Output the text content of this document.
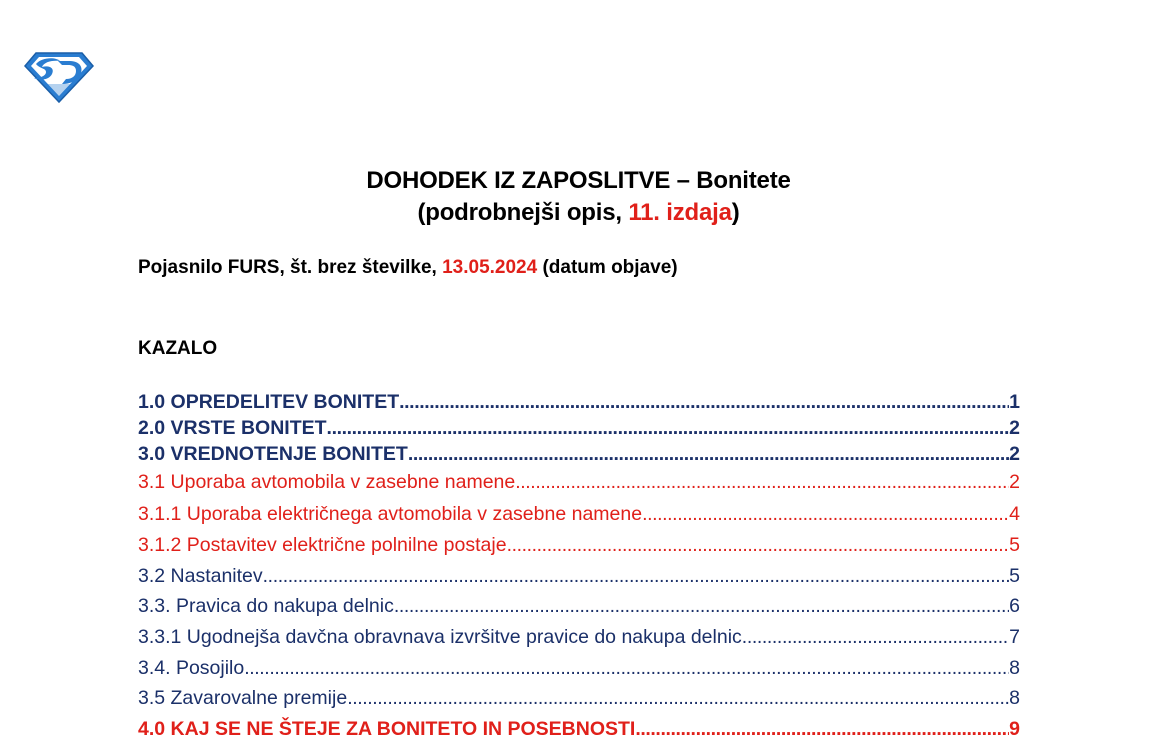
DOHODEK IZ ZAPOSLITVE – Bonitete
(podrobnejši opis, 11. izdaja)
Pojasnilo FURS, št. brez številke, 13.05.2024 (datum objave)
KAZALO
1.0 OPREDELITEV BONITET .....	1
2.0 VRSTE BONITET .....	2
3.0 VREDNOTENJE BONITET .....	2
3.1 Uporaba avtomobila v zasebne namene .....	2
3.1.1 Uporaba električnega avtomobila v zasebne namene .....	4
3.1.2 Postavitev električne polnilne postaje .....	5
3.2 Nastanitev .....	5
3.3. Pravica do nakupa delnic .....	6
3.3.1 Ugodnejša davčna obravnava izvršitve pravice do nakupa delnic .....	7
3.4. Posojilo .....	8
3.5 Zavarovalne premije .....	8
4.0 KAJ SE NE ŠTEJE ZA BONITETO IN POSEBNOSTI .....	9
